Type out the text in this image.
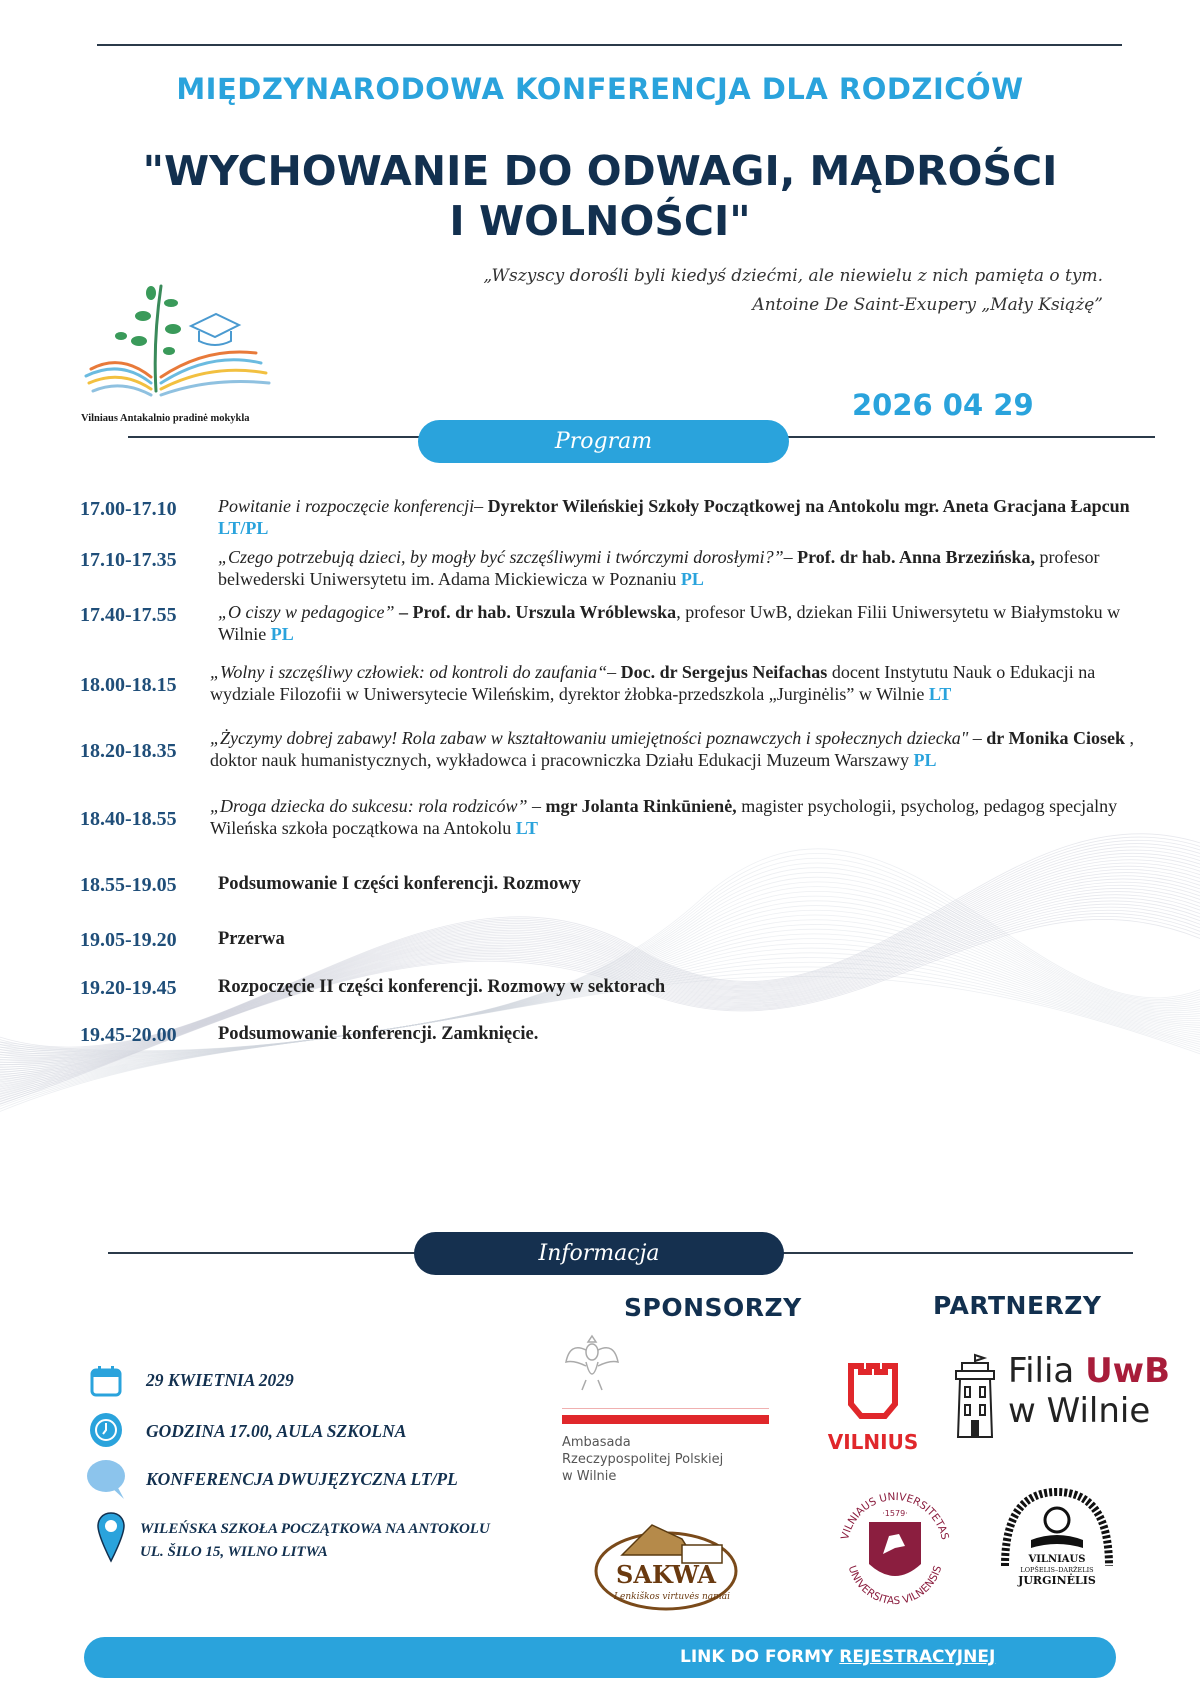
MIĘDZYNARODOWA KONFERENCJA DLA RODZICÓW
"WYCHOWANIE DO ODWAGI, MĄDROŚCI
I WOLNOŚCI"
„Wszyscy dorośli byli kiedyś dziećmi, ale niewielu z nich pamięta o tym.
Antoine De Saint-Exupery „Mały Książę”
Vilniaus Antakalnio pradinė mokykla	2026 04 29
Program
17.00-17.10	Powitanie i rozpoczęcie konferencji– Dyrektor Wileńskiej Szkoły Początkowej na Antokolu mgr. Aneta Gracjana Łapcun LT/PL
17.10-17.35	„Czego potrzebują dzieci, by mogły być szczęśliwymi i twórczymi dorosłymi?”– Prof. dr hab. Anna Brzezińska, profesor belwederski Uniwersytetu im. Adama Mickiewicza w Poznaniu PL
17.40-17.55	„O ciszy w pedagogice” – Prof. dr hab. Urszula Wróblewska, profesor UwB, dziekan Filii Uniwersytetu w Białymstoku w Wilnie PL
18.00-18.15
„Wolny i szczęśliwy człowiek: od kontroli do zaufania“– Doc. dr Sergejus Neifachas docent Instytutu Nauk o Edukacji na wydziale Filozofii w Uniwersytecie Wileńskim, dyrektor żłobka-przedszkola „Jurginėlis” w Wilnie LT
18.20-18.35
„Życzymy dobrej zabawy! Rola zabaw w kształtowaniu umiejętności poznawczych i społecznych dziecka" – dr Monika Ciosek , doktor nauk humanistycznych, wykładowca i pracowniczka Działu Edukacji Muzeum Warszawy PL
18.40-18.55
„Droga dziecka do sukcesu: rola rodziców” – mgr Jolanta Rinkūnienė, magister psychologii, psycholog, pedagog specjalny Wileńska szkoła początkowa na Antokolu LT
18.55-19.05	Podsumowanie I części konferencji. Rozmowy
19.05-19.20	Przerwa
19.20-19.45	Rozpoczęcie II części konferencji. Rozmowy w sektorach
19.45-20.00	Podsumowanie konferencji. Zamknięcie.
Informacja
SPONSORZY	PARTNERZY
29 KWIETNIA 2029
GODZINA 17.00, AULA SZKOLNA
KONFERENCJA DWUJĘZYCZNA LT/PL
WILEŃSKA SZKOŁA POCZĄTKOWA NA ANTOKOLU
UL. ŠILO 15, WILNO LITWA
Ambasada
Rzeczypospolitej Polskiej
w Wilnie
VILNIUS
Filia UwB
w Wilnie
SAKWA
Lenkiškos virtuvės namai
VILNIAUS UNIVERSITETAS
UNIVERSITAS VILNENSIS
·1579·
VILNIAUS
LOPŠELIS–DARŽELIS
JURGINĖLIS
LINK DO FORMY REJESTRACYJNEJ
